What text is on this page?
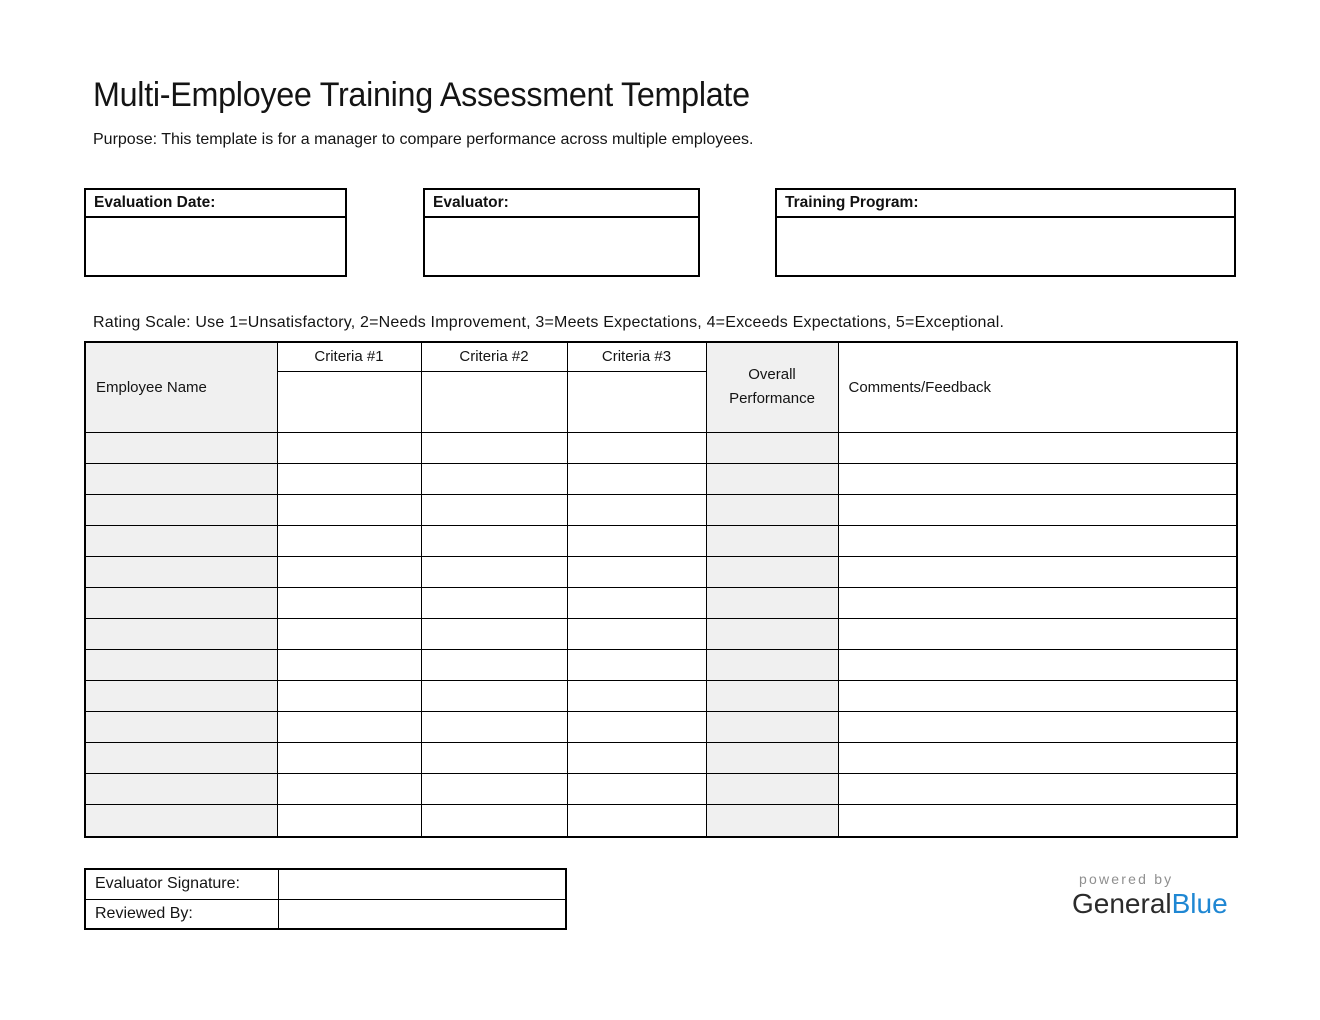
Multi-Employee Training Assessment Template
Purpose: This template is for a manager to compare performance across multiple employees.
Evaluation Date:	Evaluator:	Training Program:
Rating Scale: Use 1=Unsatisfactory, 2=Needs Improvement, 3=Meets Expectations, 4=Exceeds Expectations, 5=Exceptional.
Employee Name	Criteria #1	Criteria #2	Criteria #3	Overall Performance	Comments/Feedback

Evaluator Signature:	
Reviewed By:	
powered by
GeneralBlue
